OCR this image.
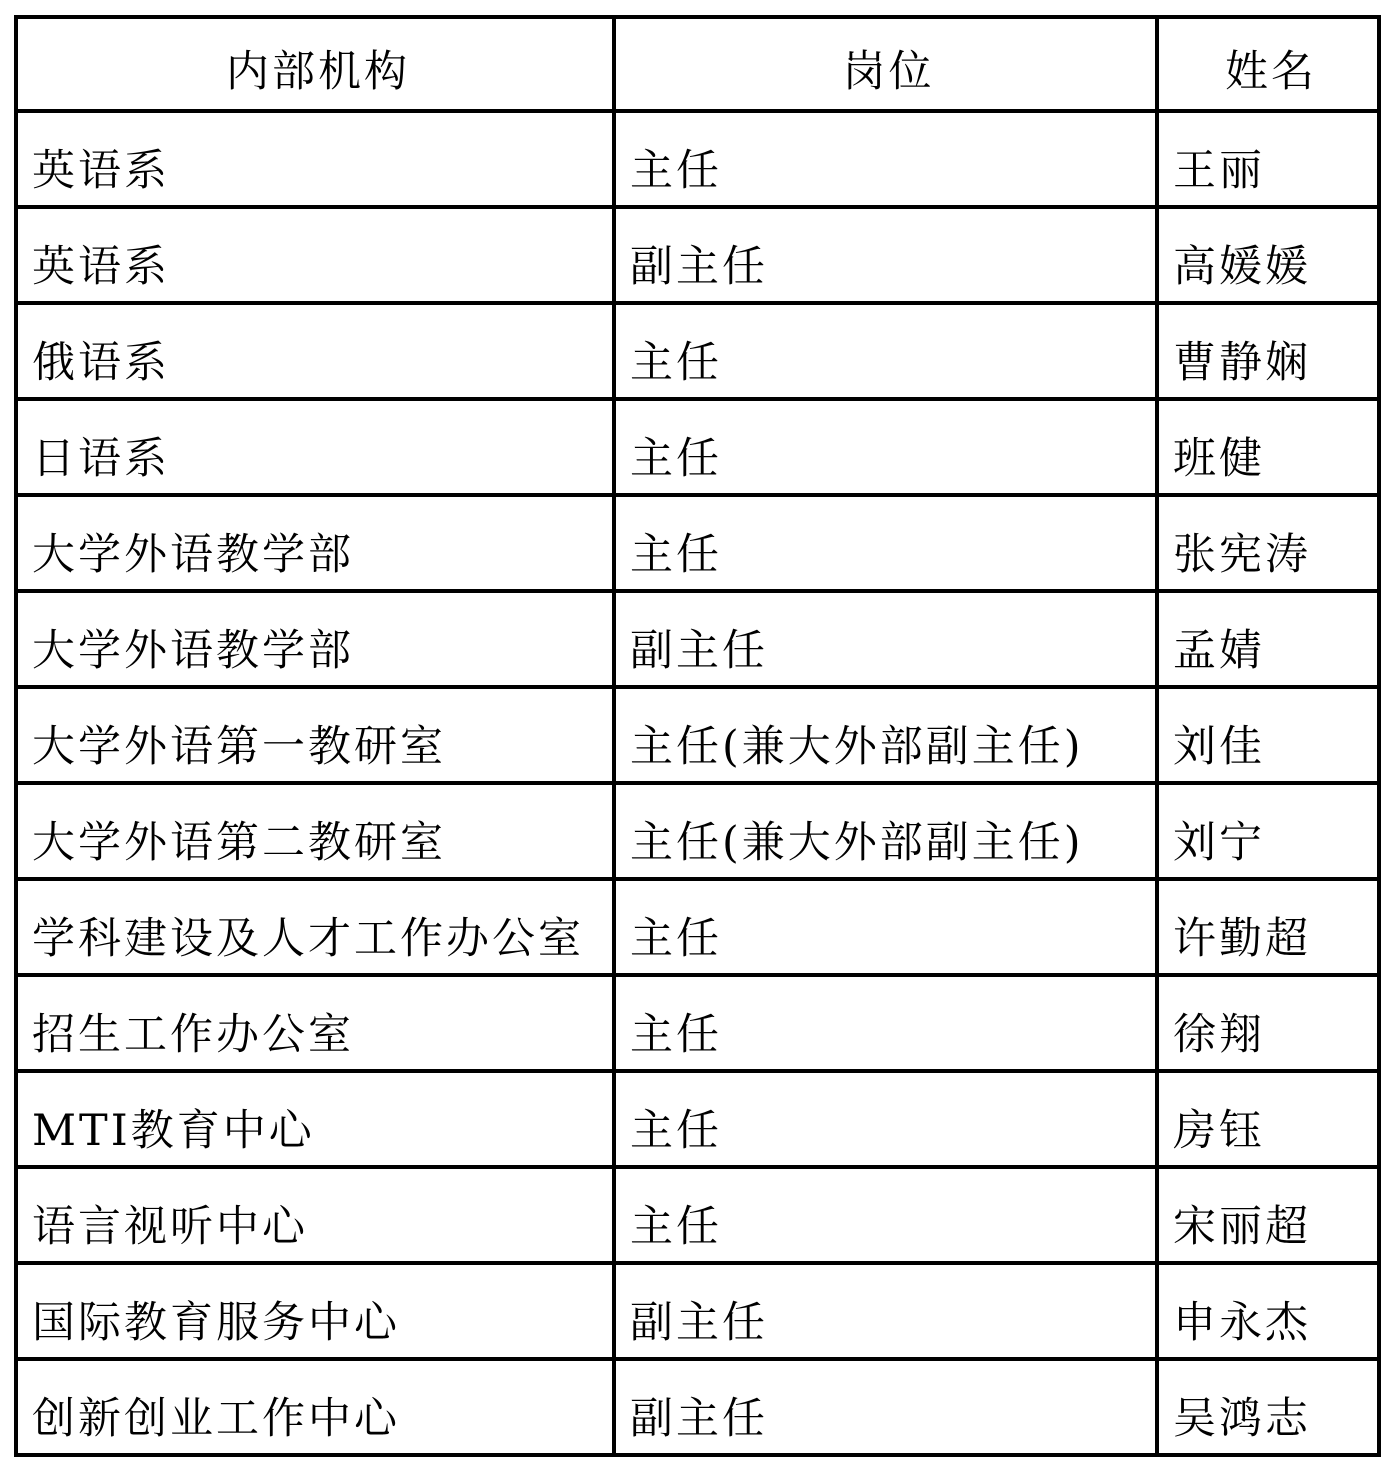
内部机构	岗位	姓名
英语系	主任	王丽
英语系	副主任	高媛媛
俄语系	主任	曹静娴
日语系	主任	班健
大学外语教学部	主任	张宪涛
大学外语教学部	副主任	孟婧
大学外语第一教研室	主任(兼大外部副主任)	刘佳
大学外语第二教研室	主任(兼大外部副主任)	刘宁
学科建设及人才工作办公室	主任	许勤超
招生工作办公室	主任	徐翔
MTI教育中心	主任	房钰
语言视听中心	主任	宋丽超
国际教育服务中心	副主任	申永杰
创新创业工作中心	副主任	吴鸿志
